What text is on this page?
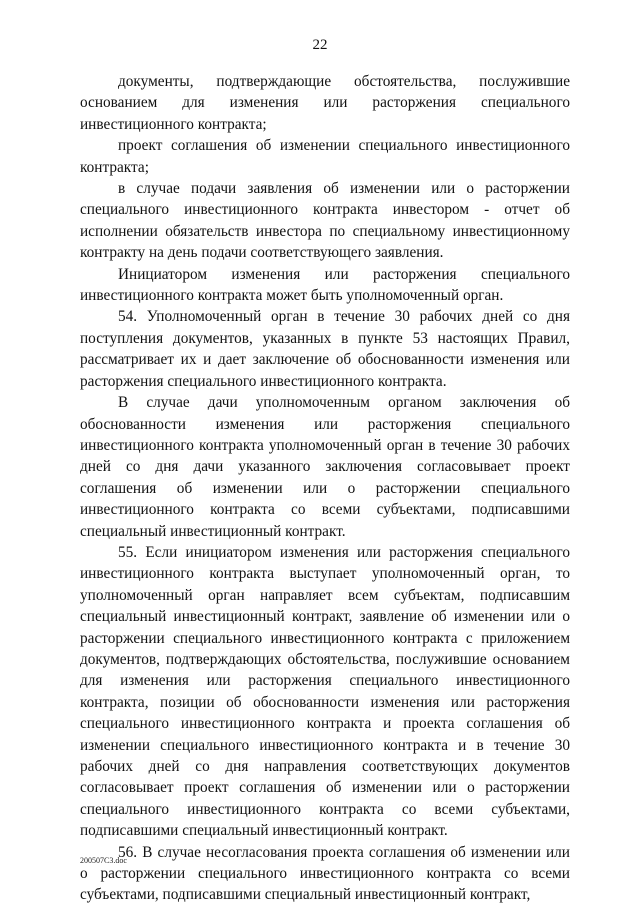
22

документы, подтверждающие обстоятельства, послужившие основанием для изменения или расторжения специального инвестиционного контракта;

проект соглашения об изменении специального инвестиционного контракта;

в случае подачи заявления об изменении или о расторжении специального инвестиционного контракта инвестором - отчет об исполнении обязательств инвестора по специальному инвестиционному контракту на день подачи соответствующего заявления.

Инициатором изменения или расторжения специального инвестиционного контракта может быть уполномоченный орган.

54. Уполномоченный орган в течение 30 рабочих дней со дня поступления документов, указанных в пункте 53 настоящих Правил, рассматривает их и дает заключение об обоснованности изменения или расторжения специального инвестиционного контракта.

В случае дачи уполномоченным органом заключения об обоснованности изменения или расторжения специального инвестиционного контракта уполномоченный орган в течение 30 рабочих дней со дня дачи указанного заключения согласовывает проект соглашения об изменении или о расторжении специального инвестиционного контракта со всеми субъектами, подписавшими специальный инвестиционный контракт.

55. Если инициатором изменения или расторжения специального инвестиционного контракта выступает уполномоченный орган, то уполномоченный орган направляет всем субъектам, подписавшим специальный инвестиционный контракт, заявление об изменении или о расторжении специального инвестиционного контракта с приложением документов, подтверждающих обстоятельства, послужившие основанием для изменения или расторжения специального инвестиционного контракта, позиции об обоснованности изменения или расторжения специального инвестиционного контракта и проекта соглашения об изменении специального инвестиционного контракта и в течение 30 рабочих дней со дня направления соответствующих документов согласовывает проект соглашения об изменении или о расторжении специального инвестиционного контракта со всеми субъектами, подписавшими специальный инвестиционный контракт.

56. В случае несогласования проекта соглашения об изменении или о расторжении специального инвестиционного контракта со всеми субъектами, подписавшими специальный инвестиционный контракт,

200507С3.doc
